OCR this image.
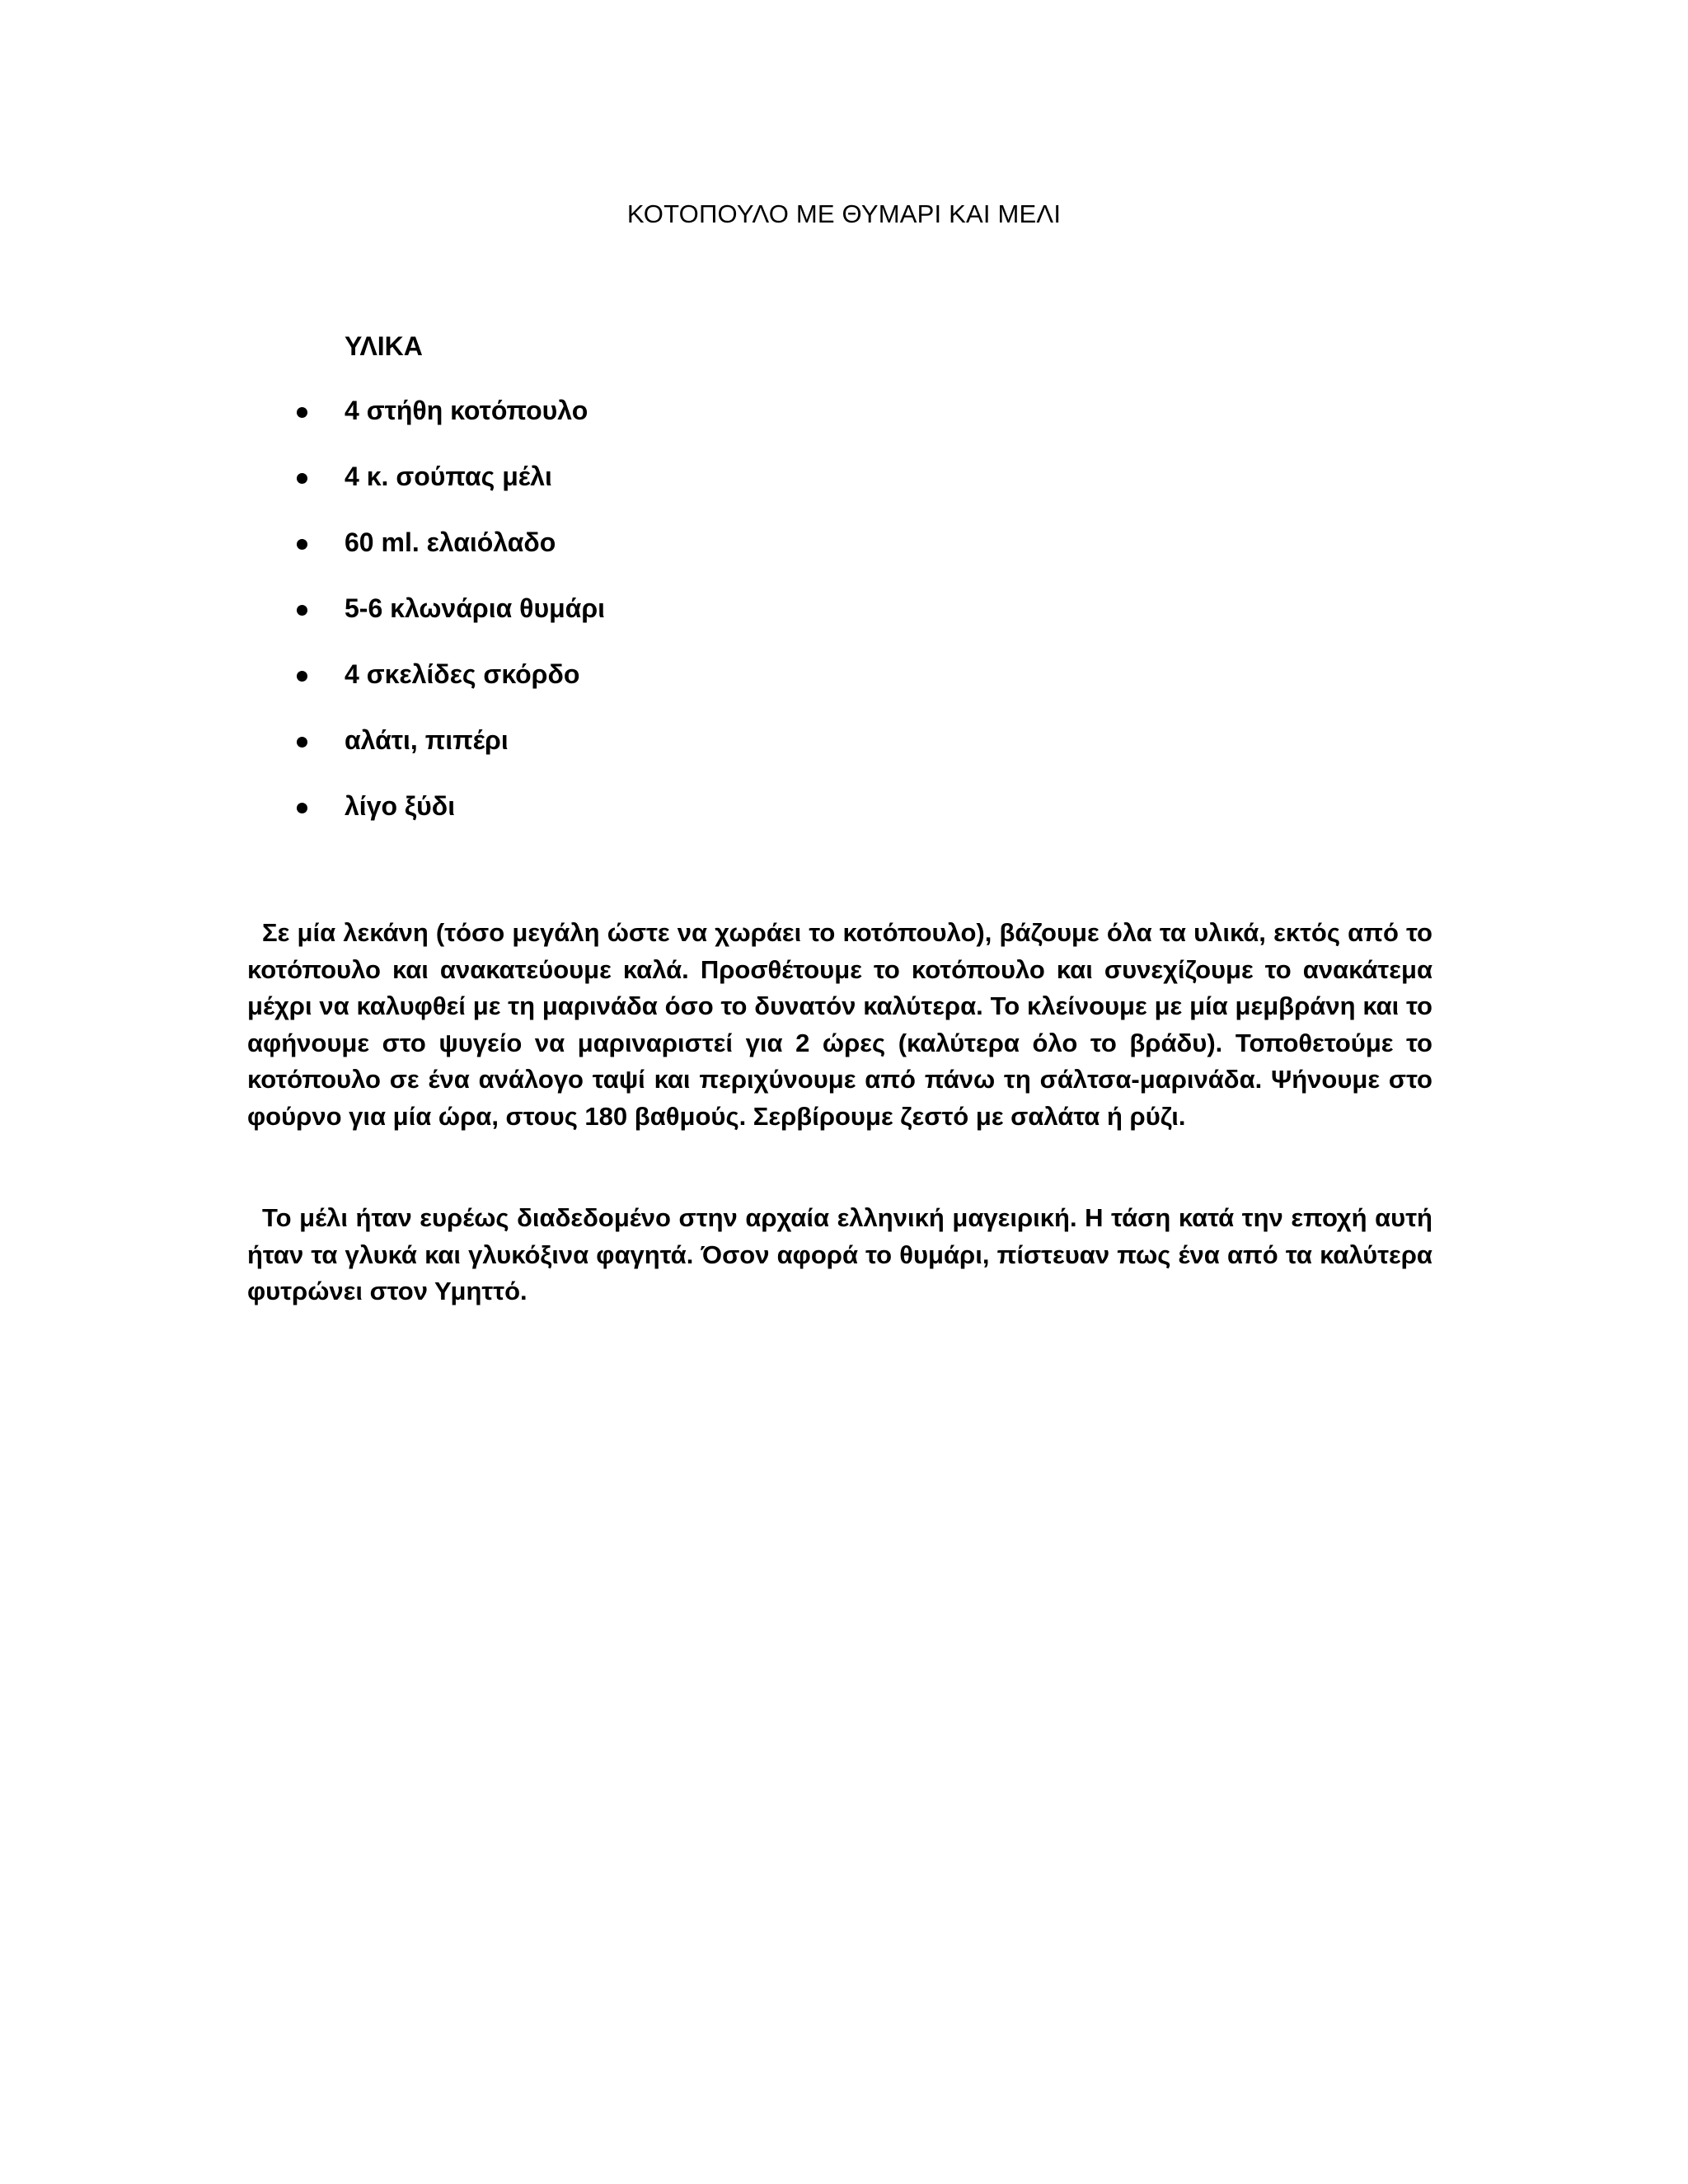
ΚΟΤΟΠΟΥΛΟ ΜΕ ΘΥΜΑΡΙ ΚΑΙ ΜΕΛΙ
ΥΛΙΚΑ
4 στήθη κοτόπουλο
4 κ. σούπας μέλι
60 ml. ελαιόλαδο
5-6 κλωνάρια θυμάρι
4 σκελίδες σκόρδο
αλάτι, πιπέρι
λίγο ξύδι

Σε μία λεκάνη (τόσο μεγάλη ώστε να χωράει το κοτόπουλο), βάζουμε όλα τα υλικά, εκτός από το κοτόπουλο και ανακατεύουμε καλά. Προσθέτουμε το κοτόπουλο και συνεχίζουμε το ανακάτεμα μέχρι να καλυφθεί με τη μαρινάδα όσο το δυνατόν καλύτερα. Το κλείνουμε με μία μεμβράνη και το αφήνουμε στο ψυγείο να μαριναριστεί για 2 ώρες (καλύτερα όλο το βράδυ). Τοποθετούμε το κοτόπουλο σε ένα ανάλογο ταψί και περιχύνουμε από πάνω τη σάλτσα-μαρινάδα. Ψήνουμε στο φούρνο για μία ώρα, στους 180 βαθμούς. Σερβίρουμε ζεστό με σαλάτα ή ρύζι.

Το μέλι ήταν ευρέως διαδεδομένο στην αρχαία ελληνική μαγειρική. Η τάση κατά την εποχή αυτή ήταν τα γλυκά και γλυκόξινα φαγητά. Όσον αφορά το θυμάρι, πίστευαν πως ένα από τα καλύτερα φυτρώνει στον Υμηττό.
